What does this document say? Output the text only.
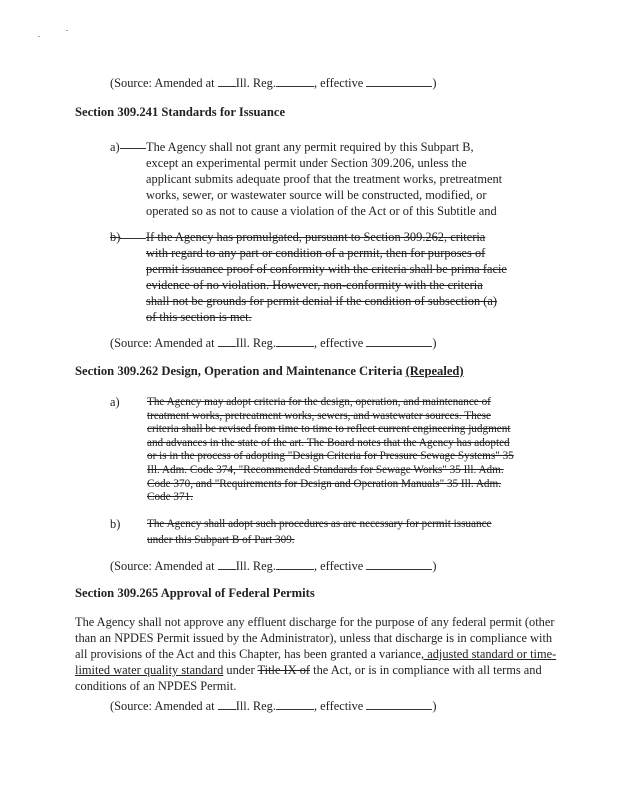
(Source: Amended at Ill. Reg.	, effective	)
Section 309.241 Standards for Issuance
a) The Agency shall not grant any permit required by this Subpart B,
except an experimental permit under Section 309.206, unless the
applicant submits adequate proof that the treatment works, pretreatment
works, sewer, or wastewater source will be constructed, modified, or
operated so as not to cause a violation of the Act or of this Subtitle and
b) If the Agency has promulgated, pursuant to Section 309.262, criteria
with regard to any part or condition of a permit, then for purposes of
permit issuance proof of conformity with the criteria shall be prima facie
evidence of no violation. However, non-conformity with the criteria
shall not be grounds for permit denial if the condition of subsection (a)
of this section is met.
(Source: Amended at Ill. Reg.	, effective	)
Section 309.262 Design, Operation and Maintenance Criteria (Repealed)
a) The Agency may adopt criteria for the design, operation, and maintenance of
treatment works, pretreatment works, sewers, and wastewater sources. These
criteria shall be revised from time to time to reflect current engineering judgment
and advances in the state of the art. The Board notes that the Agency has adopted
or is in the process of adopting "Design Criteria for Pressure Sewage Systems" 35
Ill. Adm. Code 374, "Recommended Standards for Sewage Works" 35 Ill. Adm.
Code 370, and "Requirements for Design and Operation Manuals" 35 Ill. Adm.
Code 371.
b) The Agency shall adopt such procedures as are necessary for permit issuance
under this Subpart B of Part 309.
(Source: Amended at Ill. Reg.	, effective	)
Section 309.265 Approval of Federal Permits
The Agency shall not approve any effluent discharge for the purpose of any federal permit (other
than an NPDES Permit issued by the Administrator), unless that discharge is in compliance with
all provisions of the Act and this Chapter, has been granted a variance, adjusted standard or time-
limited water quality standard under Title IX of the Act, or is in compliance with all terms and
conditions of an NPDES Permit.
(Source: Amended at Ill. Reg.	, effective	)
